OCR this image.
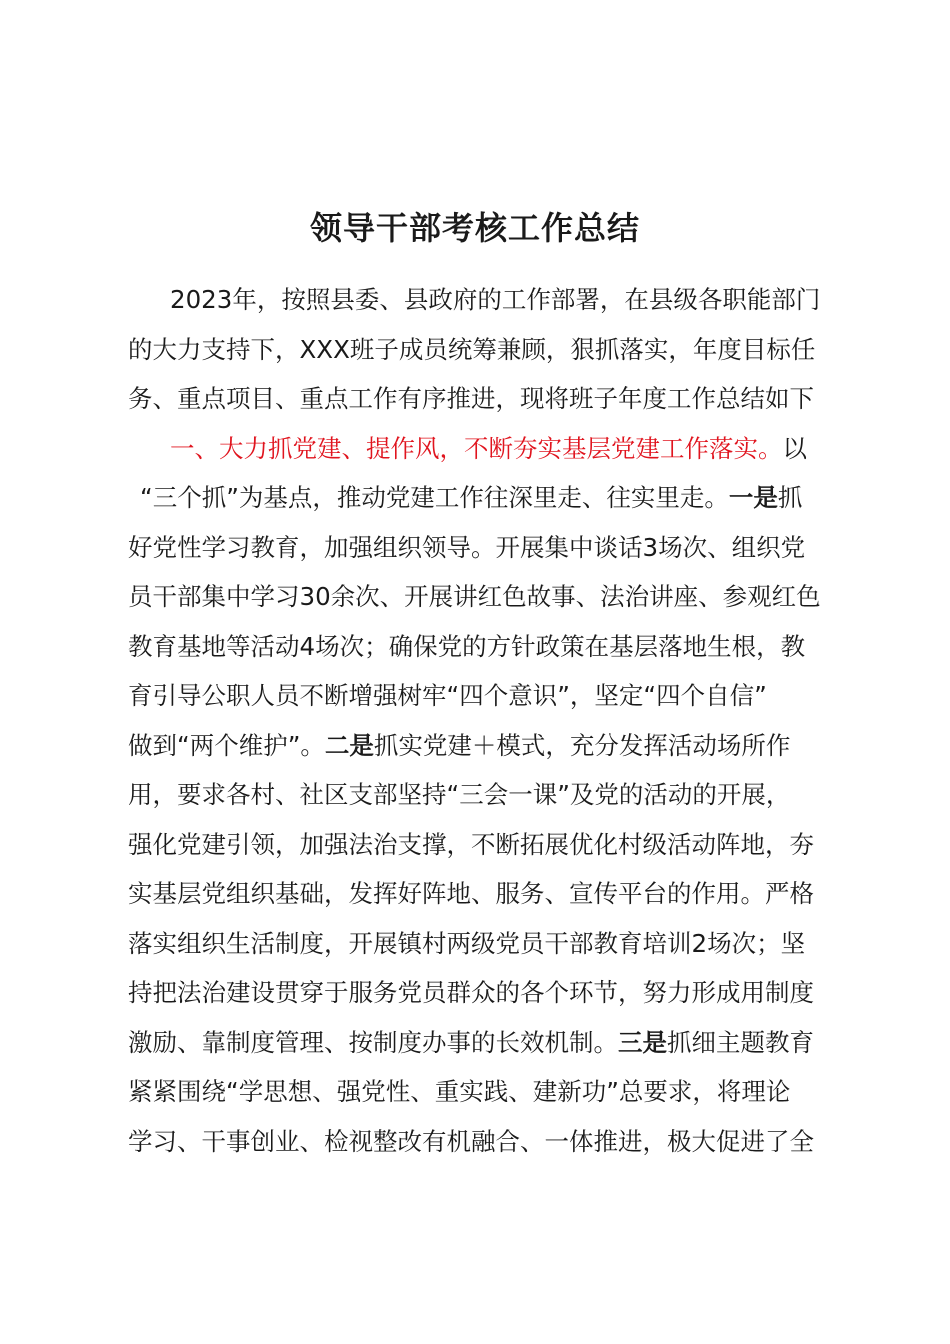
领导干部考核工作总结
2023年，按照县委、县政府的工作部署，在县级各职能部门
的大力支持下，XXX班子成员统筹兼顾，狠抓落实，年度目标任
务、重点项目、重点工作有序推进，现将班子年度工作总结如下
一、大力抓党建、提作风，不断夯实基层党建工作落实。以
“三个抓”为基点，推动党建工作往深里走、往实里走。一是抓
好党性学习教育，加强组织领导。开展集中谈话3场次、组织党
员干部集中学习30余次、开展讲红色故事、法治讲座、参观红色
教育基地等活动4场次；确保党的方针政策在基层落地生根，教
育引导公职人员不断增强树牢“四个意识”，坚定“四个自信”
做到“两个维护”。二是抓实党建＋模式，充分发挥活动场所作
用，要求各村、社区支部坚持“三会一课”及党的活动的开展，
强化党建引领，加强法治支撑，不断拓展优化村级活动阵地，夯
实基层党组织基础，发挥好阵地、服务、宣传平台的作用。严格
落实组织生活制度，开展镇村两级党员干部教育培训2场次；坚
持把法治建设贯穿于服务党员群众的各个环节，努力形成用制度
激励、靠制度管理、按制度办事的长效机制。三是抓细主题教育
紧紧围绕“学思想、强党性、重实践、建新功”总要求，将理论
学习、干事创业、检视整改有机融合、一体推进，极大促进了全
